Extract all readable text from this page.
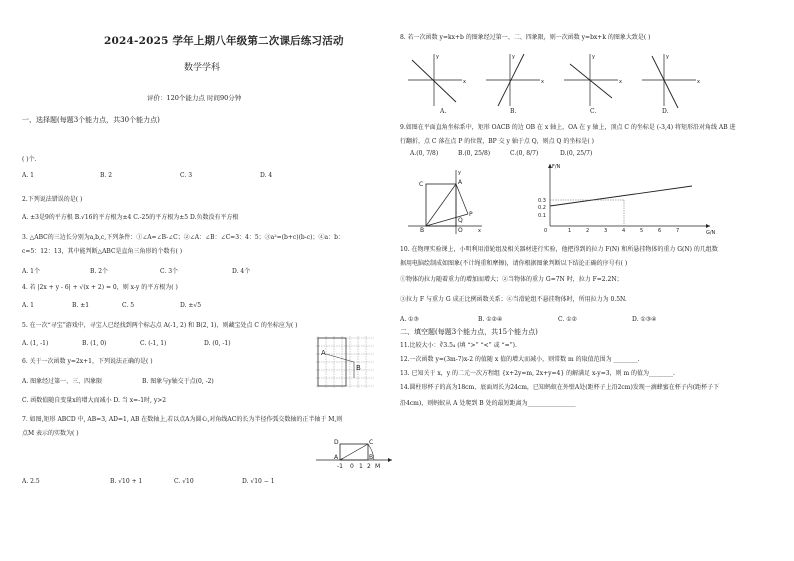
2024-2025 学年上期八年级第二次课后练习活动
数学学科
评价：120个能力点 时间90分钟
一、选择题(每题3个能力点，共30个能力点)
( )个.
A. 1	B. 2	C. 3	D. 4
2.下列说法错误的是( )
A. ±3是9的平方根 B.√16的平方根为±4 C.-25的平方根为±5 D.负数没有平方根
3. △ABC的三边长分别为a,b,c,下列条件：①∠A=∠B-∠C；②∠A：∠B：∠C=3：4：5；③a²=(b+c)(b-c)；④a：b：
c=5：12：13，其中能判断△ABC是直角三角形的个数有( )
A. 1个	B. 2个	C. 3个	D. 4个
4. 若 |2x + y - 6| + √(x + 2) = 0，则 x-y 的平方根为( )
A. 1	B. ±1	C. 5	D. ±√5
5. 在一次“寻宝”游戏中，寻宝人已经找到两个标志点 A(-1, 2) 和 B(2, 1)，则藏宝处点 C 的坐标应为( )
A. (1, -1)	B. (1, 0)	C. (-1, 1)	D. (0, -1)
A
B
6. 关于一次函数 y=2x+1，下列说法正确的是( )
A. 图象经过第一、三、四象限	B. 图象与y轴交于点(0, -2)
C. 函数值随自变量x的增大而减小 D. 当 x=-1时, y>2
7. 如图,矩形 ABCD 中, AB=3, AD=1, AB 在数轴上,若以点A为圆心,对角线AC的长为半径作弧交数轴的正半轴于 M,则
点M 表示的实数为( )
D	C
A	B
M
-1 0 1 2
A. 2.5	B. √10 + 1	C. √10	D. √10 − 1
8. 若一次函数 y=kx+b 的图象经过第一、二、四象限，则一次函数 y=bx+k 的图象大致是( )
x
y
x
y
x
y
x
y
A.	B.	C.	D.
9.如图在平面直角坐标系中，矩形 OACB 的边 OB 在 x 轴上，OA 在 y 轴上，顶点 C 的坐标是 (-3,4) 将矩形沿对角线 AB 进
行翻折，点 C 落在点 P 的位置，BP 交 y 轴于点 Q，则点 Q 的坐标是( )
A.(0, 7/8)	B.(0, 25/8)	C.(0, 8/7)	D.(0, 25/7)
C	A
B	O
P
Q
x
y
F/N
G/N
0.3
0.2
0.1
0	1	2	3	4	5	6	7
10. 在物理实验课上，小明利用滑轮组及相关器材进行实验，他把得到的拉力 F(N) 和所悬挂物体的重力 G(N) 的几组数
据用电脑绘制成如图象(不计绳重和摩擦)，请你根据图象判断以下结论正确的序号有( )
①物体的拉力随着重力的增加而增大；②当物体的重力 G=7N 时，拉力 F=2.2N；
③拉力 F 与重力 G 成正比例函数关系；④当滑轮组不悬挂物体时，所用拉力为 0.5N.
A. ①③	B. ①②④	C. ①②	D. ①③④
二、填空题(每题3个能力点，共15个能力点)
11.比较大小：∛3.5₄ (填 “>” “<” 或 “=”).
12.一次函数 y=(3m-7)x-2 的值随 x 值的增大而减小，则常数 m 的取值范围为 ________.
13. 已知关于 x，y 的二元一次方程组 {x+2y=m, 2x+y=4} 的解满足 x-y=3，则 m 的值为________.
14.圆柱形杯子的高为18cm，底面周长为24cm，已知蚂蚁在外壁A处(距杯子上沿2cm)发现一滴蜂蜜在杯子内(距杯子下
沿4cm)，则蚂蚁从 A 处爬到 B 处的最短距离为________________
